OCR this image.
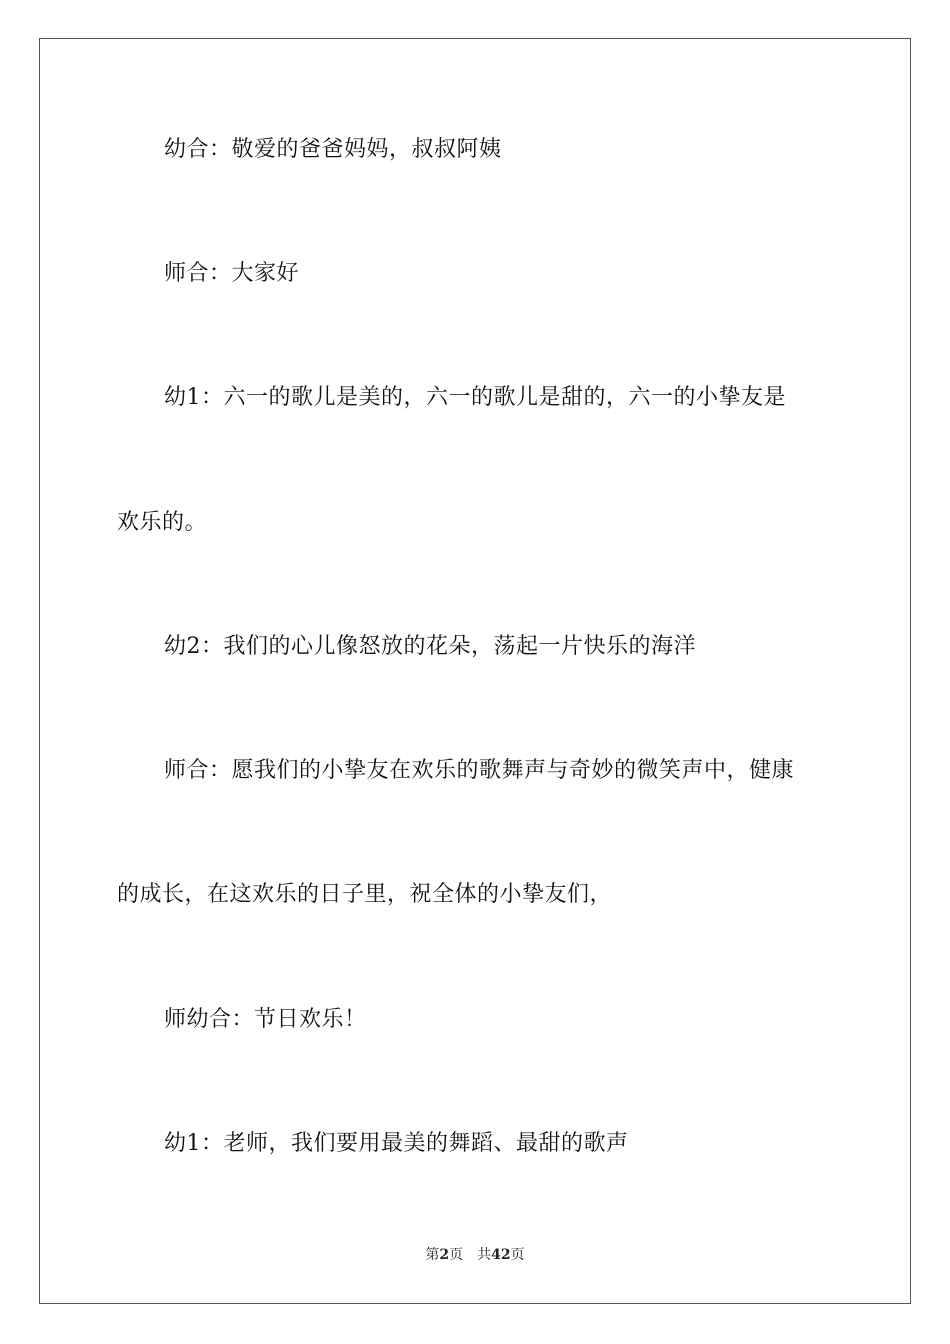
幼合：敬爱的爸爸妈妈，叔叔阿姨
师合：大家好
幼1：六一的歌儿是美的，六一的歌儿是甜的，六一的小挚友是
欢乐的。
幼2：我们的心儿像怒放的花朵，荡起一片快乐的海洋
师合：愿我们的小挚友在欢乐的歌舞声与奇妙的微笑声中，健康
的成长，在这欢乐的日子里，祝全体的小挚友们，
师幼合：节日欢乐！
幼1：老师，我们要用最美的舞蹈、最甜的歌声
第2页 共42页
